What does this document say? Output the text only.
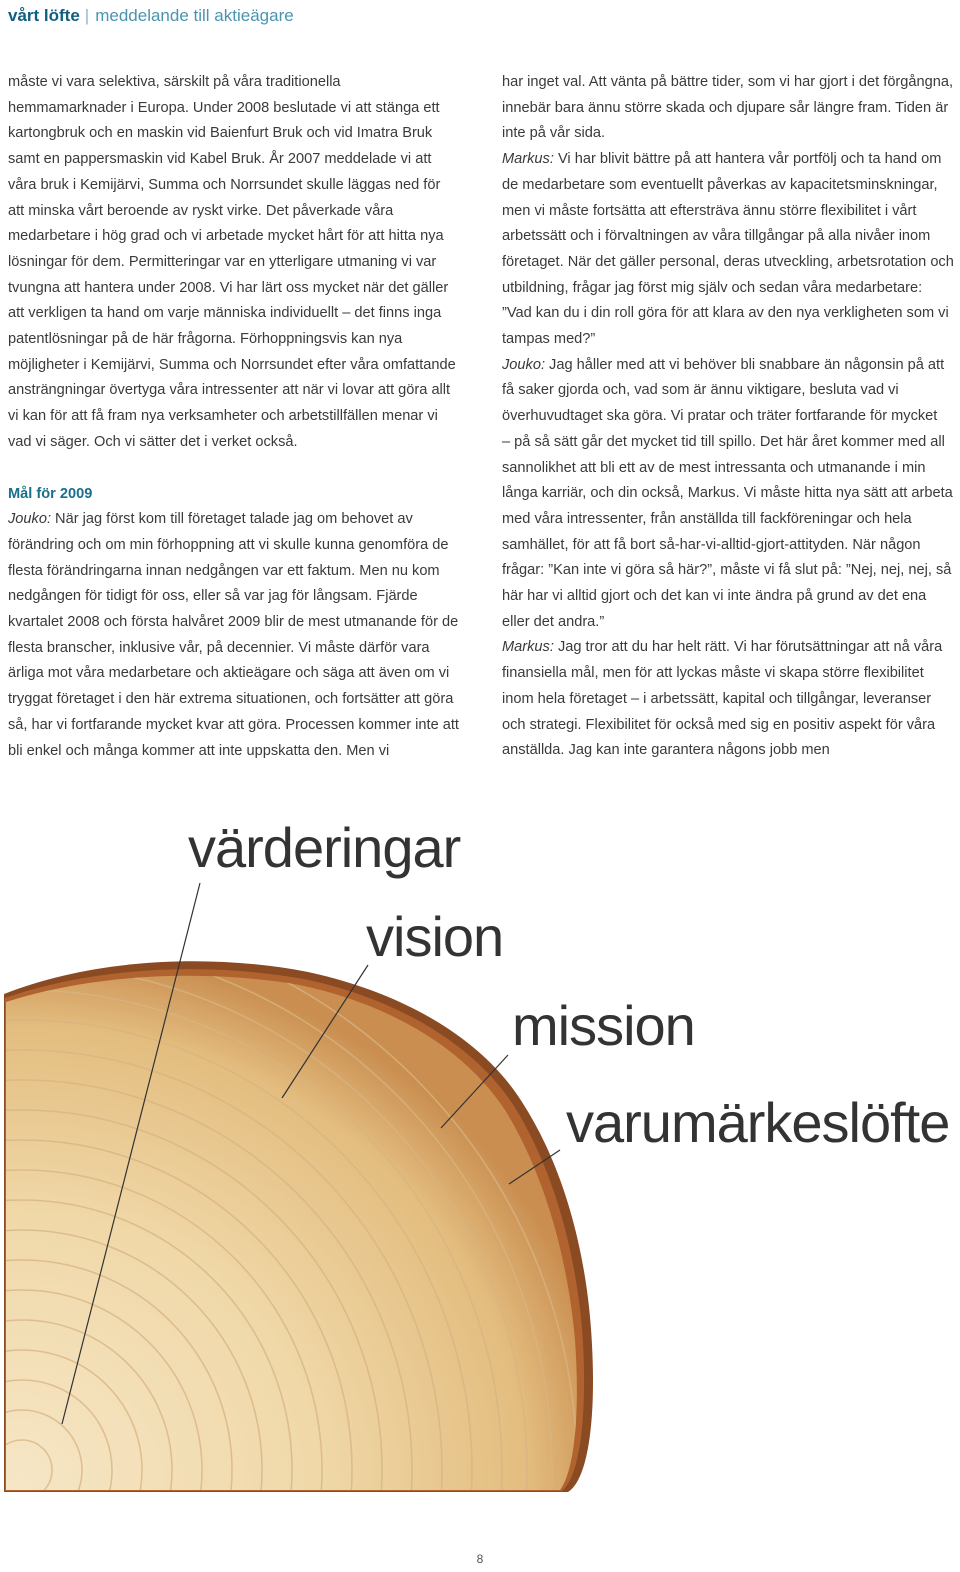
vårt löfte | meddelande till aktieägare

måste vi vara selektiva, särskilt på våra traditionella hemmamarknader i Europa. Under 2008 beslutade vi att stänga ett kartongbruk och en maskin vid Baienfurt Bruk och vid Imatra Bruk samt en pappersmaskin vid Kabel Bruk. År 2007 meddelade vi att våra bruk i Kemijärvi, Summa och Norrsundet skulle läggas ned för att minska vårt beroende av ryskt virke. Det påverkade våra medarbetare i hög grad och vi arbetade mycket hårt för att hitta nya lösningar för dem. Permitteringar var en ytterligare utmaning vi var tvungna att hantera under 2008. Vi har lärt oss mycket när det gäller att verkligen ta hand om varje människa individuellt – det finns inga patentlösningar på de här frågorna. Förhoppningsvis kan nya möjligheter i Kemijärvi, Summa och Norrsundet efter våra omfattande ansträngningar övertyga våra intressenter att när vi lovar att göra allt vi kan för att få fram nya verksamheter och arbetstillfällen menar vi vad vi säger. Och vi sätter det i verket också.

Mål för 2009

Jouko: När jag först kom till företaget talade jag om behovet av förändring och om min förhoppning att vi skulle kunna genomföra de flesta förändringarna innan nedgången var ett faktum. Men nu kom nedgången för tidigt för oss, eller så var jag för långsam. Fjärde kvartalet 2008 och första halvåret 2009 blir de mest utmanande för de flesta branscher, inklusive vår, på decennier. Vi måste därför vara ärliga mot våra medarbetare och aktieägare och säga att även om vi tryggat företaget i den här extrema situationen, och fortsätter att göra så, har vi fortfarande mycket kvar att göra. Processen kommer inte att bli enkel och många kommer att inte uppskatta den. Men vi

har inget val. Att vänta på bättre tider, som vi har gjort i det förgångna, innebär bara ännu större skada och djupare sår längre fram. Tiden är inte på vår sida.

Markus: Vi har blivit bättre på att hantera vår portfölj och ta hand om de medarbetare som eventuellt påverkas av kapacitetsminskningar, men vi måste fortsätta att eftersträva ännu större flexibilitet i vårt arbetssätt och i förvaltningen av våra tillgångar på alla nivåer inom företaget. När det gäller personal, deras utveckling, arbetsrotation och utbildning, frågar jag först mig själv och sedan våra medarbetare: ”Vad kan du i din roll göra för att klara av den nya verkligheten som vi tampas med?”

Jouko: Jag håller med att vi behöver bli snabbare än någonsin på att få saker gjorda och, vad som är ännu viktigare, besluta vad vi överhuvudtaget ska göra. Vi pratar och träter fortfarande för mycket

– på så sätt går det mycket tid till spillo. Det här året kommer med all sannolikhet att bli ett av de mest intressanta och utmanande i min långa karriär, och din också, Markus. Vi måste hitta nya sätt att arbeta med våra intressenter, från anställda till fackföreningar och hela samhället, för att få bort så-har-vi-alltid-gjort-attityden. När någon frågar: ”Kan inte vi göra så här?”, måste vi få slut på: ”Nej, nej, nej, så här har vi alltid gjort och det kan vi inte ändra på grund av det ena eller det andra.”

Markus: Jag tror att du har helt rätt. Vi har förutsättningar att nå våra finansiella mål, men för att lyckas måste vi skapa större flexibilitet inom hela företaget – i arbetssätt, kapital och tillgångar, leveranser och strategi. Flexibilitet för också med sig en positiv aspekt för våra anställda. Jag kan inte garantera någons jobb men

värderingar
vision
mission
varumärkeslöfte
8
